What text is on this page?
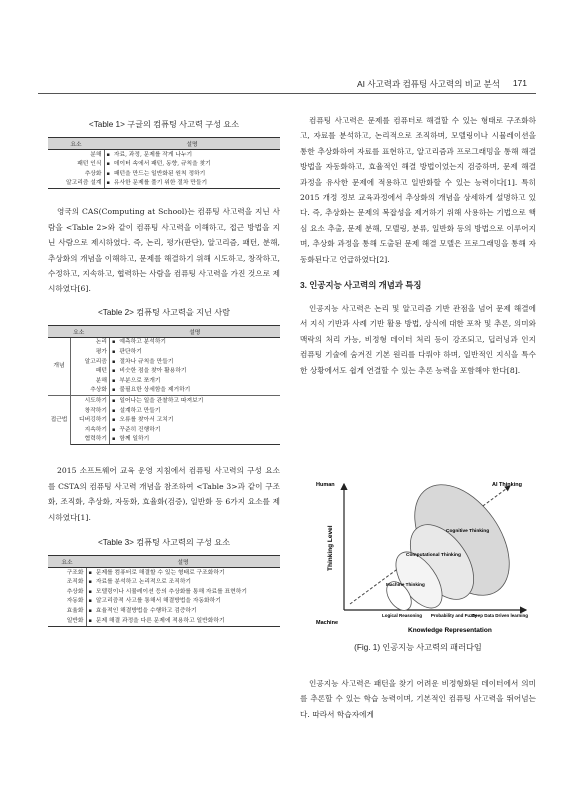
AI 사고력과 컴퓨팅 사고력의 비교 분석 171
<Table 1> 구글의 컴퓨팅 사고력 구성 요소
요소	설명
분해	▪ 자료, 과정, 문제를 작게 나누기
패턴 인식	▪ 데이터 속에서 패턴, 동향, 규칙을 찾기
추상화	▪ 패턴을 만드는 일반화된 원칙 정하기
알고리즘 설계	▪ 유사한 문제를 풀기 위한 절차 만들기

영국의 CAS(Computing at School)는 컴퓨팅 사고력을 지닌 사람을 <Table 2>와 같이 컴퓨팅 사고력을 이해하고, 접근 방법을 지닌 사람으로 제시하였다. 즉, 논리, 평가(판단), 알고리즘, 패턴, 분해, 추상화의 개념을 이해하고, 문제를 해결하기 위해 시도하고, 창작하고, 수정하고, 지속하고, 협력하는 사람을 컴퓨팅 사고력을 가진 것으로 제시하였다[6].

<Table 2> 컴퓨팅 사고력을 지닌 사람
요소		설명
개념	논리	▪ 예측하고 분석하기
	평가	▪ 판단하기
	알고리즘	▪ 절차나 규칙을 만들기
	패턴	▪ 비슷한 점을 찾아 활용하기
	분해	▪ 부분으로 쪼개기
	추상화	▪ 불필요한 상세함을 제거하기
접근법	시도하기	▪ 일어나는 일을 관찰하고 따져보기
	창작하기	▪ 설계하고 만들기
	디버깅하기	▪ 오류를 찾아서 고치기
	지속하기	▪ 꾸준히 진행하기
	협력하기	▪ 함께 일하기

2015 소프트웨어 교육 운영 지침에서 컴퓨팅 사고력의 구성 요소를 CSTA의 컴퓨팅 사고력 개념을 참조하여 <Table 3>과 같이 구조화, 조직화, 추상화, 자동화, 효율화(검증), 일반화 등 6가지 요소를 제시하였다[1].

<Table 3> 컴퓨팅 사고력의 구성 요소
요소	설명
구조화	▪ 문제를 컴퓨터로 해결할 수 있는 형태로 구조화하기
조직화	▪ 자료를 분석하고 논리적으로 조직하기
추상화	▪ 모델링이나 시뮬레이션 등의 추상화를 통해 자료를 표현하기
자동화	▪ 알고리즘적 사고를 통해서 해결방법을 자동화하기
효율화	▪ 효율적인 해결방법을 수행하고 검증하기
일반화	▪ 문제 해결 과정을 다른 문제에 적용하고 일반화하기

컴퓨팅 사고력은 문제를 컴퓨터로 해결할 수 있는 형태로 구조화하고, 자료를 분석하고, 논리적으로 조직하며, 모델링이나 시뮬레이션을 통한 추상화하여 자료를 표현하고, 알고리즘과 프로그래밍을 통해 해결 방법을 자동화하고, 효율적인 해결 방법이었는지 검증하며, 문제 해결 과정을 유사한 문제에 적용하고 일반화할 수 있는 능력이다[1]. 특히 2015 개정 정보 교육과정에서 추상화의 개념을 상세하게 설명하고 있다. 즉, 추상화는 문제의 복잡성을 제거하기 위해 사용하는 기법으로 핵심 요소 추출, 문제 분해, 모델링, 분류, 일반화 등의 방법으로 이루어지며, 추상화 과정을 통해 도출된 문제 해결 모델은 프로그래밍을 통해 자동화된다고 언급하였다[2].

3. 인공지능 사고력의 개념과 특징

인공지능 사고력은 논리 및 알고리즘 기반 관점을 넘어 문제 해결에서 지식 기반과 사례 기반 활용 방법, 상식에 대한 포착 및 추론, 의미와 맥락의 처리 가능, 비정형 데이터 처리 등이 강조되고, 딥러닝과 인지 컴퓨팅 기술에 숨겨진 기본 원리를 다뤄야 하며, 일반적인 지식을 특수한 상황에서도 쉽게 연결할 수 있는 추론 능력을 포함해야 한다[8].

Human
Machine
Thinking Level
Knowledge Representation
AI Thinking
Cognitive Thinking
Computational Thinking
Machine Thinking
Logical Reasoning Probability and Fuzzy
Deep Data Driven learning
(Fig. 1) 인공지능 사고력의 패러다임

인공지능 사고력은 패턴을 찾기 어려운 비정형화된 데이터에서 의미를 추론할 수 있는 학습 능력이며, 기본적인 컴퓨팅 사고력을 뛰어넘는다. 따라서 학습자에게
